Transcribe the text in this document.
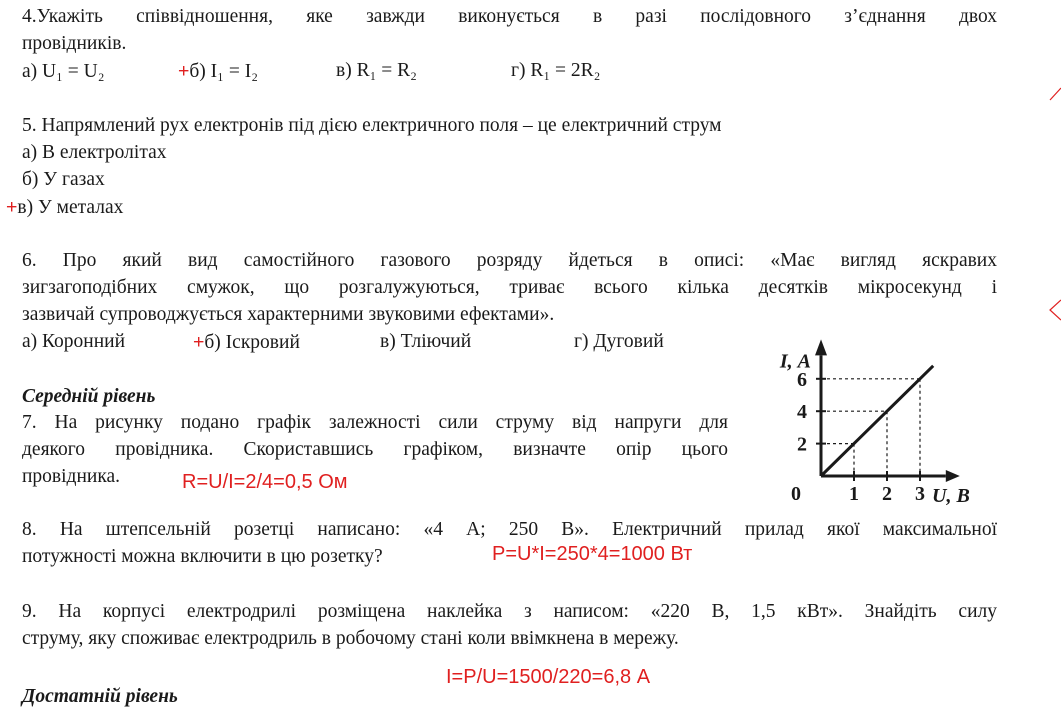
4.Укажіть співвідношення, яке завжди виконується в разі послідовного з’єднання двох
провідників.
а) U₁ = U₂	+б) I₁ = I₂	в) R₁ = R₂	г) R₁ = 2R₂
5. Напрямлений рух електронів під дією електричного поля – це електричний струм
а) В електролітах
б) У газах
+в) У металах
6. Про який вид самостійного газового розряду йдеться в описі: «Має вигляд яскравих
зигзагоподібних смужок, що розгалужуються, триває всього кілька десятків мікросекунд і
зазвичай супроводжується характерними звуковими ефектами».
а) Коронний	+б) Іскровий	в) Тліючий	г) Дуговий
Середній рівень
7. На рисунку подано графік залежності сили струму від напруги для
деякого провідника. Скориставшись графіком, визначте опір цього
провідника.	R=U/I=2/4=0,5 Ом
2
4
6
1 2 3
0
I, А
U, В
8. На штепсельній розетці написано: «4 А; 250 В». Електричний прилад якої максимальної
потужності можна включити в цю розетку?	P=U*I=250*4=1000 Вт
9. На корпусі електродрилі розміщена наклейка з написом: «220 В, 1,5 кВт». Знайдіть силу
струму, яку споживає електродриль в робочому стані коли ввімкнена в мережу.
I=P/U=1500/220=6,8 А
Достатній рівень
